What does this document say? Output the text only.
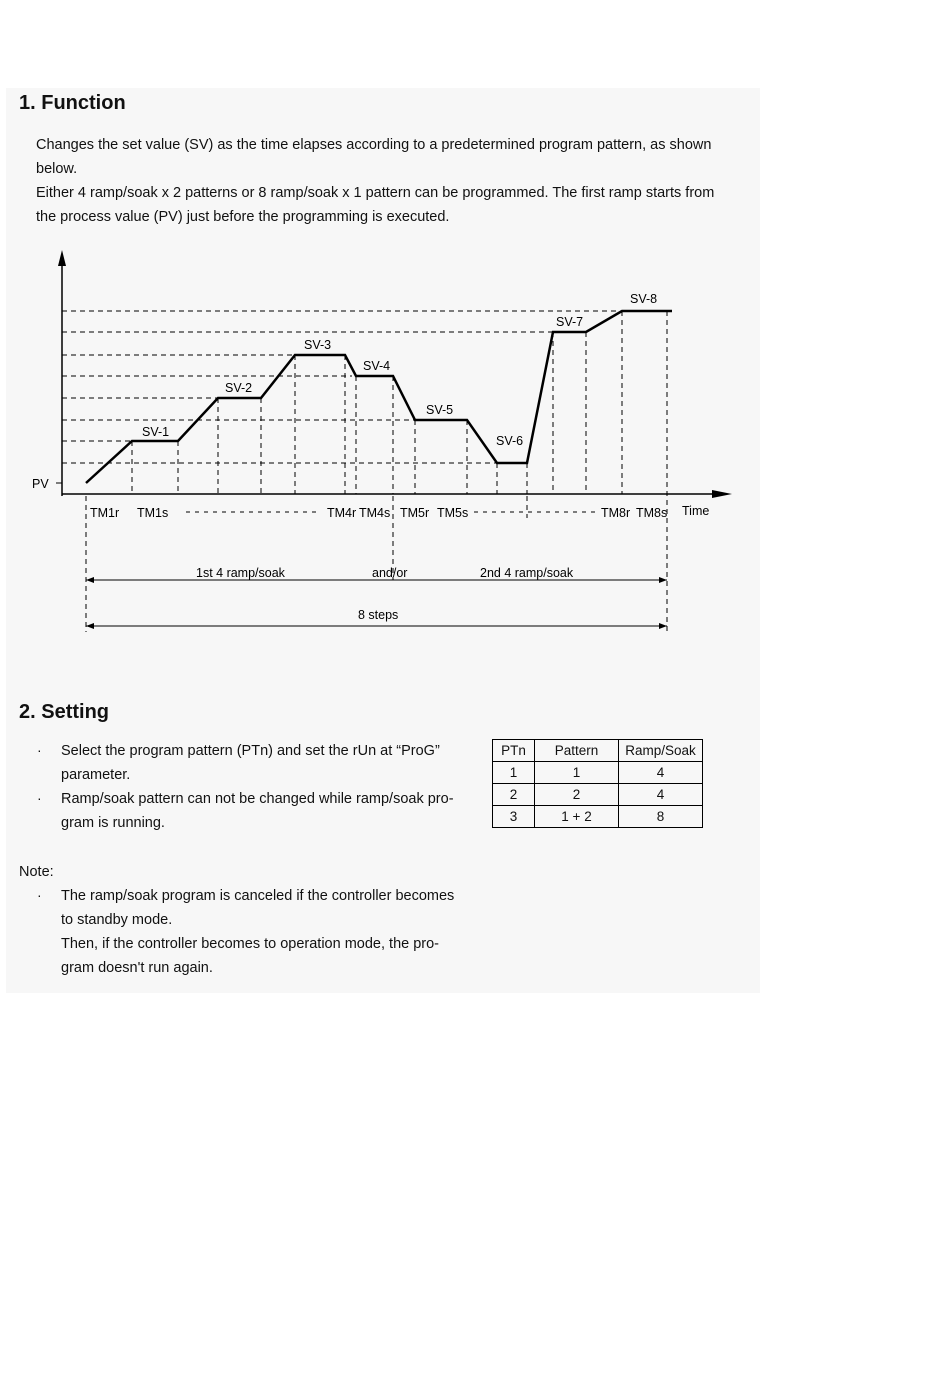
1. Function
Changes the set value (SV) as the time elapses according to a predetermined program pattern, as shown
below.
Either 4 ramp/soak x 2 patterns or 8 ramp/soak x 1 pattern can be programmed. The first ramp starts from
the process value (PV) just before the programming is executed.
PV
Time
SV-1
SV-2
SV-3
SV-4
SV-5
SV-6
SV-7
SV-8
TM1r TM1s	TM4r TM4s TM5r TM5s	TM8r TM8s
1st 4 ramp/soak	and/or	2nd 4 ramp/soak
8 steps
2. Setting
· Select the program pattern (PTn) and set the rUn at “ProG”
parameter.
· Ramp/soak pattern can not be changed while ramp/soak pro-
gram is running.
Note:
· The ramp/soak program is canceled if the controller becomes
to standby mode.
Then, if the controller becomes to operation mode, the pro-
gram doesn't run again.
PTn	Pattern	Ramp/Soak
1	1	4
2	2	4
3	1 + 2	8
